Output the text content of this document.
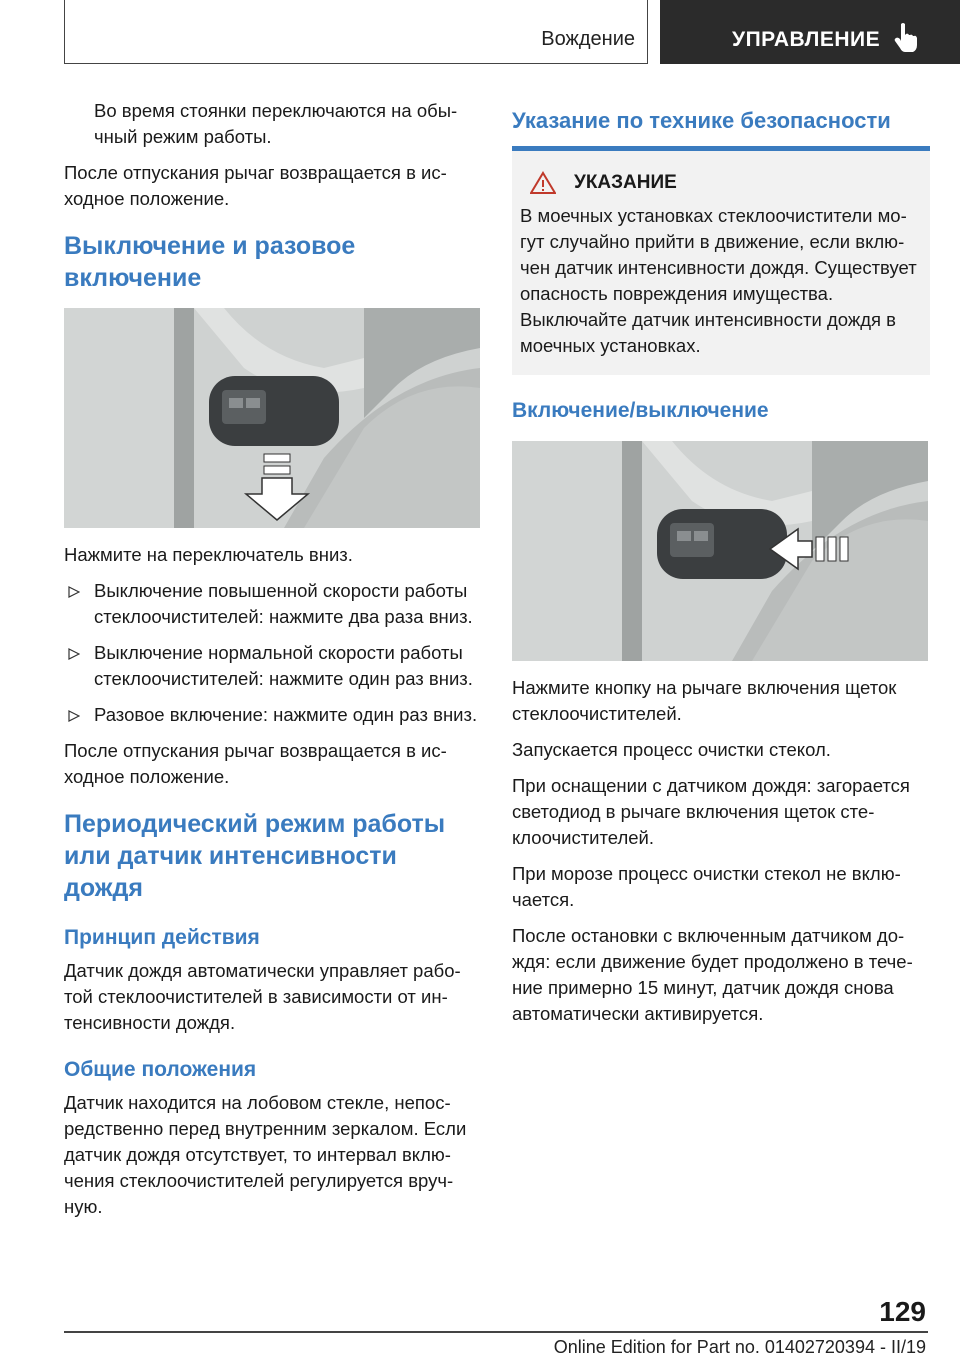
Вождение	УПРАВЛЕНИЕ

Во время стоянки переключаются на обычный режим работы.

После отпускания рычаг возвращается в исходное положение.

Выключение и разовое включение

Нажмите на переключатель вниз.

Выключение повышенной скорости работы стеклоочистителей: нажмите два раза вниз.
Выключение нормальной скорости работы стеклоочистителей: нажмите один раз вниз.
Разовое включение: нажмите один раз вниз.

После отпускания рычаг возвращается в исходное положение.

Периодический режим работы или датчик интенсивности дождя
Принцип действия

Датчик дождя автоматически управляет работой стеклоочистителей в зависимости от интенсивности дождя.

Общие положения

Датчик находится на лобовом стекле, непосредственно перед внутренним зеркалом. Если датчик дождя отсутствует, то интервал включения стеклоочистителей регулируется вручную.

Указание по технике безопасности
УКАЗАНИЕ

В моечных установках стеклоочистители могут случайно прийти в движение, если включен датчик интенсивности дождя. Существует опасность повреждения имущества. Выключайте датчик интенсивности дождя в моечных установках.

Включение/выключение

Нажмите кнопку на рычаге включения щеток стеклоочистителей.

Запускается процесс очистки стекол.

При оснащении с датчиком дождя: загорается светодиод в рычаге включения щеток стеклоочистителей.

При морозе процесс очистки стекол не включается.

После остановки с включенным датчиком дождя: если движение будет продолжено в течение примерно 15 минут, датчик дождя снова автоматически активируется.

129
Online Edition for Part no. 01402720394 - II/19
